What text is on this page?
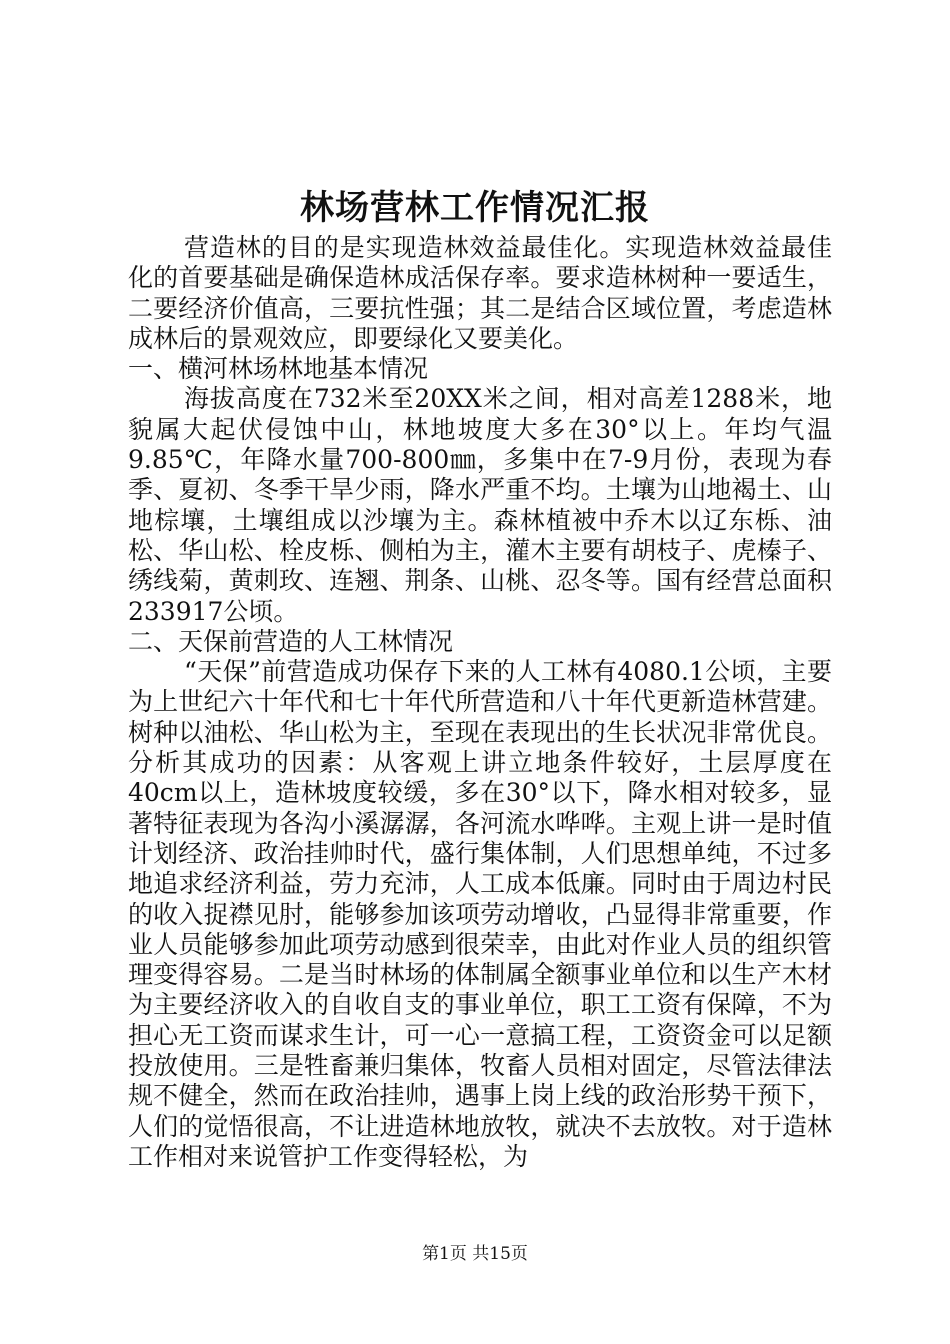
林场营林工作情况汇报

营造林的目的是实现造林效益最佳化。实现造林效益最佳化的首要基础是确保造林成活保存率。要求造林树种一要适生，二要经济价值高，三要抗性强；其二是结合区域位置，考虑造林成林后的景观效应，即要绿化又要美化。

一、横河林场林地基本情况

海拔高度在732米至20XX米之间，相对高差1288米，地貌属大起伏侵蚀中山，林地坡度大多在30°以上。年均气温9.85℃，年降水量700-800㎜，多集中在7-9月份，表现为春季、夏初、冬季干旱少雨，降水严重不均。土壤为山地褐土、山地棕壤，土壤组成以沙壤为主。森林植被中乔木以辽东栎、油松、华山松、栓皮栎、侧柏为主，灌木主要有胡枝子、虎榛子、绣线菊，黄刺玫、连翘、荆条、山桃、忍冬等。国有经营总面积233917公顷。

二、天保前营造的人工林情况

“天保”前营造成功保存下来的人工林有4080.1公顷，主要为上世纪六十年代和七十年代所营造和八十年代更新造林营建。树种以油松、华山松为主，至现在表现出的生长状况非常优良。分析其成功的因素：从客观上讲立地条件较好，土层厚度在40cm以上，造林坡度较缓，多在30°以下，降水相对较多，显著特征表现为各沟小溪潺潺，各河流水哗哗。主观上讲一是时值计划经济、政治挂帅时代，盛行集体制，人们思想单纯，不过多地追求经济利益，劳力充沛，人工成本低廉。同时由于周边村民的收入捉襟见肘，能够参加该项劳动增收，凸显得非常重要，作业人员能够参加此项劳动感到很荣幸，由此对作业人员的组织管理变得容易。二是当时林场的体制属全额事业单位和以生产木材为主要经济收入的自收自支的事业单位，职工工资有保障，不为担心无工资而谋求生计，可一心一意搞工程，工资资金可以足额投放使用。三是牲畜兼归集体，牧畜人员相对固定，尽管法律法规不健全，然而在政治挂帅，遇事上岗上线的政治形势干预下，人们的觉悟很高，不让进造林地放牧，就决不去放牧。对于造林工作相对来说管护工作变得轻松，为

第1页 共15页
